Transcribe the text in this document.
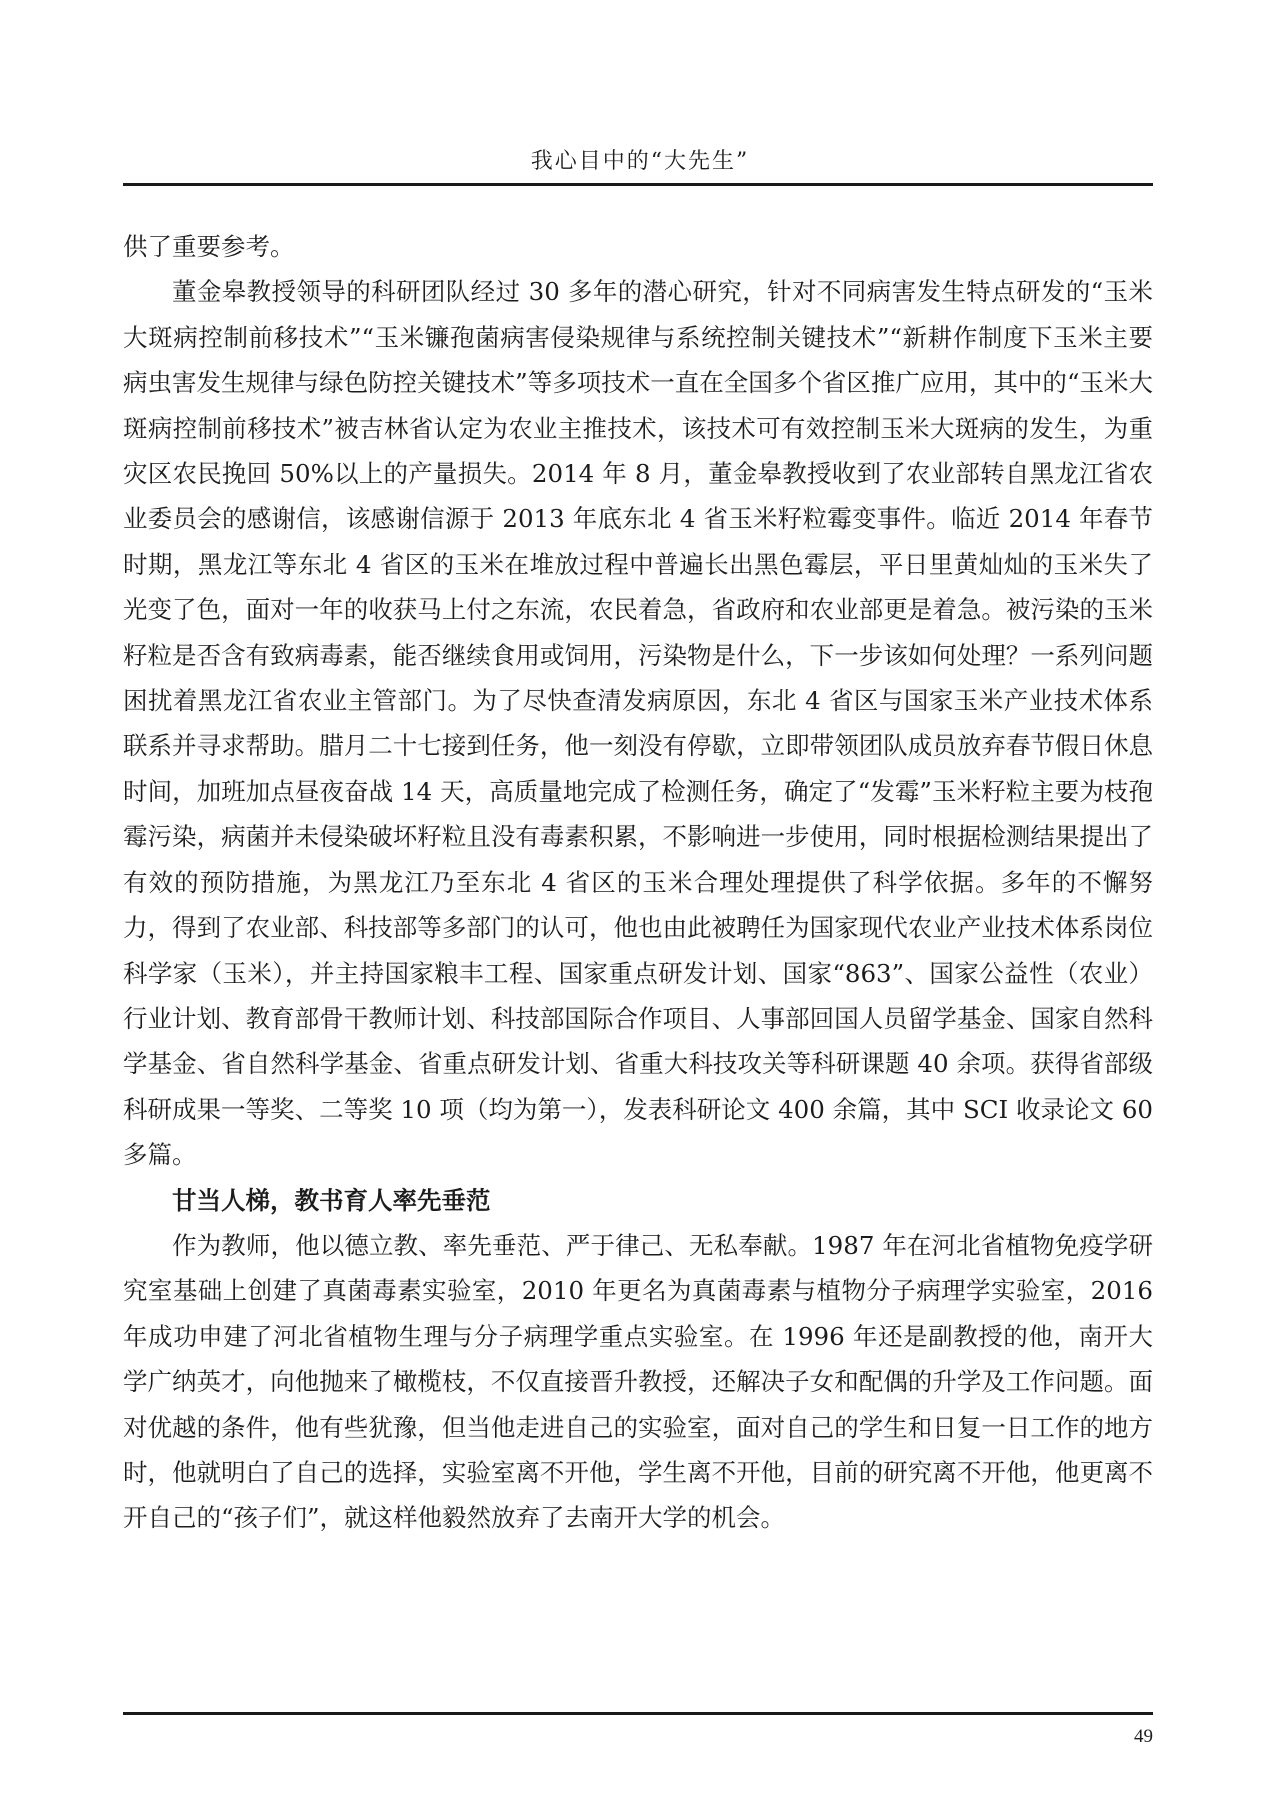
我心目中的“大先生”

供了重要参考。

董金皋教授领导的科研团队经过 30 多年的潜心研究，针对不同病害发生特点研发的“玉米大斑病控制前移技术”“玉米镰孢菌病害侵染规律与系统控制关键技术”“新耕作制度下玉米主要病虫害发生规律与绿色防控关键技术”等多项技术一直在全国多个省区推广应用，其中的“玉米大斑病控制前移技术”被吉林省认定为农业主推技术，该技术可有效控制玉米大斑病的发生，为重灾区农民挽回 50%以上的产量损失。2014 年 8 月，董金皋教授收到了农业部转自黑龙江省农业委员会的感谢信，该感谢信源于 2013 年底东北 4 省玉米籽粒霉变事件。临近 2014 年春节时期，黑龙江等东北 4 省区的玉米在堆放过程中普遍长出黑色霉层，平日里黄灿灿的玉米失了光变了色，面对一年的收获马上付之东流，农民着急，省政府和农业部更是着急。被污染的玉米籽粒是否含有致病毒素，能否继续食用或饲用，污染物是什么，下一步该如何处理？一系列问题困扰着黑龙江省农业主管部门。为了尽快查清发病原因，东北 4 省区与国家玉米产业技术体系联系并寻求帮助。腊月二十七接到任务，他一刻没有停歇，立即带领团队成员放弃春节假日休息时间，加班加点昼夜奋战 14 天，高质量地完成了检测任务，确定了“发霉”玉米籽粒主要为枝孢霉污染，病菌并未侵染破坏籽粒且没有毒素积累，不影响进一步使用，同时根据检测结果提出了有效的预防措施，为黑龙江乃至东北 4 省区的玉米合理处理提供了科学依据。多年的不懈努力，得到了农业部、科技部等多部门的认可，他也由此被聘任为国家现代农业产业技术体系岗位科学家（玉米），并主持国家粮丰工程、国家重点研发计划、国家“863”、国家公益性（农业）行业计划、教育部骨干教师计划、科技部国际合作项目、人事部回国人员留学基金、国家自然科学基金、省自然科学基金、省重点研发计划、省重大科技攻关等科研课题 40 余项。获得省部级科研成果一等奖、二等奖 10 项（均为第一），发表科研论文 400 余篇，其中 SCI 收录论文 60 多篇。

甘当人梯，教书育人率先垂范

作为教师，他以德立教、率先垂范、严于律己、无私奉献。1987 年在河北省植物免疫学研究室基础上创建了真菌毒素实验室，2010 年更名为真菌毒素与植物分子病理学实验室，2016 年成功申建了河北省植物生理与分子病理学重点实验室。在 1996 年还是副教授的他，南开大学广纳英才，向他抛来了橄榄枝，不仅直接晋升教授，还解决子女和配偶的升学及工作问题。面对优越的条件，他有些犹豫，但当他走进自己的实验室，面对自己的学生和日复一日工作的地方时，他就明白了自己的选择，实验室离不开他，学生离不开他，目前的研究离不开他，他更离不开自己的“孩子们”，就这样他毅然放弃了去南开大学的机会。

49
